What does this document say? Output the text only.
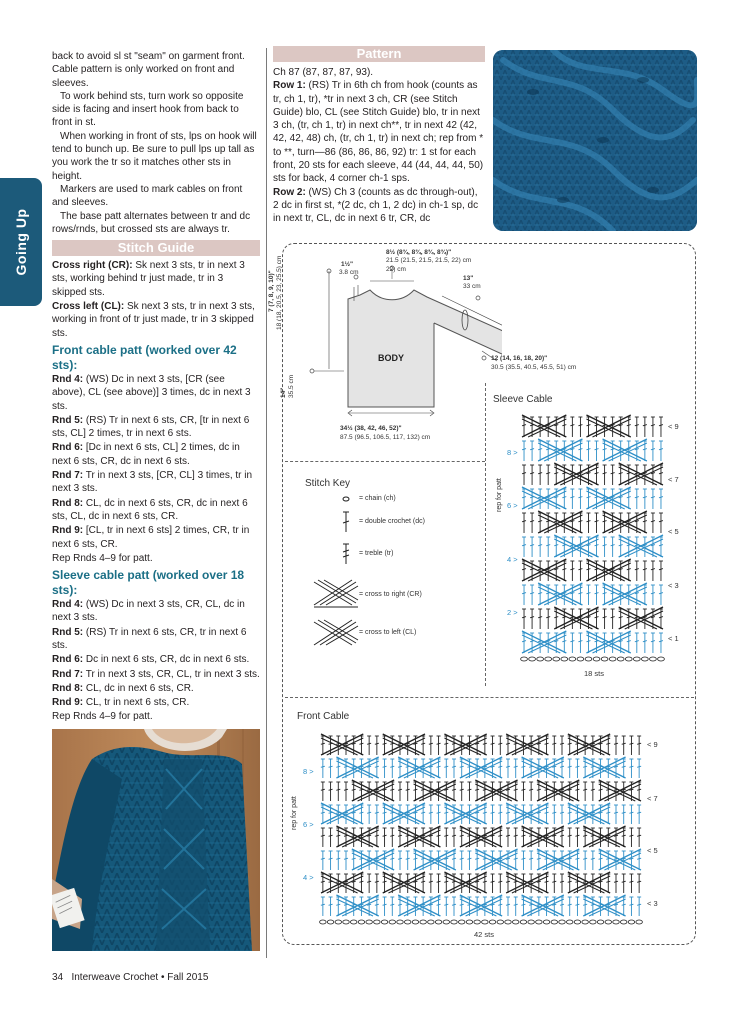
Going Up

back to avoid sl st "seam" on garment front. Cable pattern is only worked on front and sleeves.

To work behind sts, turn work so opposite side is facing and insert hook from back to front in st.

When working in front of sts, lps on hook will tend to bunch up. Be sure to pull lps up tall as you work the tr so it matches other sts in height.

Markers are used to mark cables on front and sleeves.

The base patt alternates between tr and dc rows/rnds, but crossed sts are always tr.

Stitch Guide

Cross right (CR): Sk next 3 sts, tr in next 3 sts, working behind tr just made, tr in 3 skipped sts.

Cross left (CL): Sk next 3 sts, tr in next 3 sts, working in front of tr just made, tr in 3 skipped sts.

Front cable patt (worked over 42 sts):

Rnd 4: (WS) Dc in next 3 sts, [CR (see above), CL (see above)] 3 times, dc in next 3 sts.

Rnd 5: (RS) Tr in next 6 sts, CR, [tr in next 6 sts, CL] 2 times, tr in next 6 sts.

Rnd 6: [Dc in next 6 sts, CL] 2 times, dc in next 6 sts, CR, dc in next 6 sts.

Rnd 7: Tr in next 3 sts, [CR, CL] 3 times, tr in next 3 sts.

Rnd 8: CL, dc in next 6 sts, CR, dc in next 6 sts, CL, dc in next 6 sts, CR.

Rnd 9: [CL, tr in next 6 sts] 2 times, CR, tr in next 6 sts, CR.

Rep Rnds 4–9 for patt.

Sleeve cable patt (worked over 18 sts):

Rnd 4: (WS) Dc in next 3 sts, CR, CL, dc in next 3 sts.

Rnd 5: (RS) Tr in next 6 sts, CR, tr in next 6 sts.

Rnd 6: Dc in next 6 sts, CR, dc in next 6 sts.

Rnd 7: Tr in next 3 sts, CR, CL, tr in next 3 sts.

Rnd 8: CL, dc in next 6 sts, CR.

Rnd 9: CL, tr in next 6 sts, CR.

Rep Rnds 4–9 for patt.

Pattern

Ch 87 (87, 87, 87, 93).

Row 1: (RS) Tr in 6th ch from hook (counts as tr, ch 1, tr), *tr in next 3 ch, CR (see Stitch Guide) blo, CL (see Stitch Guide) blo, tr in next 3 ch, (tr, ch 1, tr) in next ch**, tr in next 42 (42, 42, 42, 48) ch, (tr, ch 1, tr) in next ch; rep from * to **, turn—86 (86, 86, 86, 92) tr: 1 st for each front, 20 sts for each sleeve, 44 (44, 44, 44, 50) sts for back, 4 corner ch-1 sps.

Row 2: (WS) Ch 3 (counts as dc through-out), 2 dc in first st, *(2 dc, ch 1, 2 dc) in ch-1 sp, dc in next tr, CL, dc in next 6 tr, CR, dc

BODY
8½ (8¾, 8¾, 8¾, 8¾)"
21.5 (21.5, 21.5, 21.5, 22) cm
22) cm
1½"
3.8 cm
13"
33 cm
12 (14, 16, 18, 20)"
30.5 (35.5, 40.5, 45.5, 51) cm
34½ (38, 42, 46, 52)"
87.5 (96.5, 106.5, 117, 132) cm
7 (7, 8, 9, 10)" 18 (18, 20.5, 23, 25.5) cm
14" 35.5 cm
Stitch Key
= chain (ch)
= double crochet (dc)
= treble (tr)
= cross to right (CR)
= cross to left (CL)
Sleeve Cable
rep for patt
< 9
< 7
< 5
< 3
< 1
8 >
6 >
4 >
2 >
18 sts
Front Cable
rep for patt
< 9
< 7
< 5
< 3
8 >
6 >
4 >
42 sts
34 Interweave Crochet • Fall 2015
